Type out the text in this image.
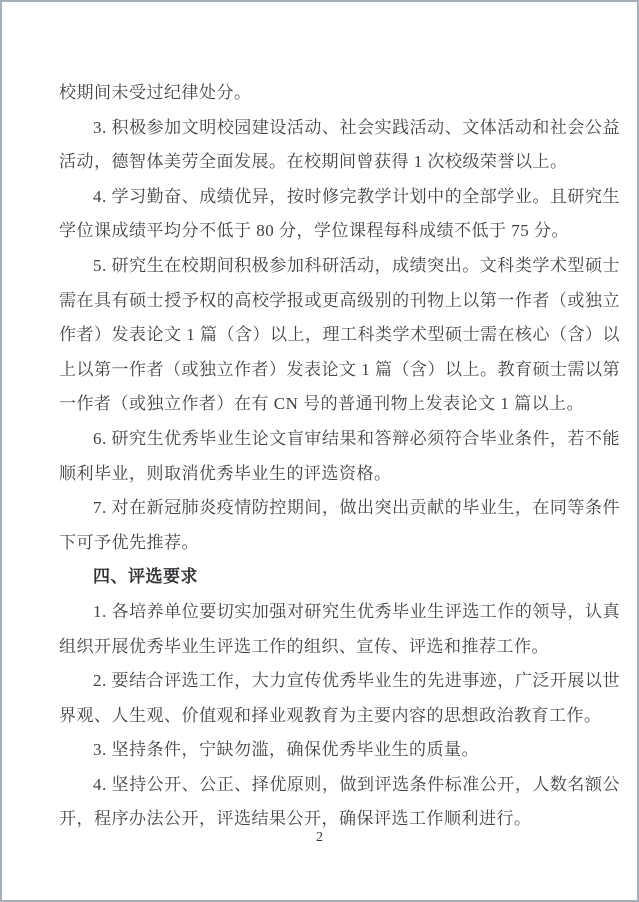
校期间未受过纪律处分。

3. 积极参加文明校园建设活动、社会实践活动、文体活动和社会公益活动，德智体美劳全面发展。在校期间曾获得 1 次校级荣誉以上。

4. 学习勤奋、成绩优异，按时修完教学计划中的全部学业。且研究生学位课成绩平均分不低于 80 分，学位课程每科成绩不低于 75 分。

5. 研究生在校期间积极参加科研活动，成绩突出。文科类学术型硕士需在具有硕士授予权的高校学报或更高级别的刊物上以第一作者（或独立作者）发表论文 1 篇（含）以上，理工科类学术型硕士需在核心（含）以上以第一作者（或独立作者）发表论文 1 篇（含）以上。教育硕士需以第一作者（或独立作者）在有 CN 号的普通刊物上发表论文 1 篇以上。

6. 研究生优秀毕业生论文盲审结果和答辩必须符合毕业条件，若不能顺利毕业，则取消优秀毕业生的评选资格。

7. 对在新冠肺炎疫情防控期间，做出突出贡献的毕业生，在同等条件下可予优先推荐。

四、评选要求

1. 各培养单位要切实加强对研究生优秀毕业生评选工作的领导，认真组织开展优秀毕业生评选工作的组织、宣传、评选和推荐工作。

2. 要结合评选工作，大力宣传优秀毕业生的先进事迹，广泛开展以世界观、人生观、价值观和择业观教育为主要内容的思想政治教育工作。

3. 坚持条件，宁缺勿滥，确保优秀毕业生的质量。

4. 坚持公开、公正、择优原则，做到评选条件标准公开，人数名额公开，程序办法公开，评选结果公开，确保评选工作顺利进行。

2
